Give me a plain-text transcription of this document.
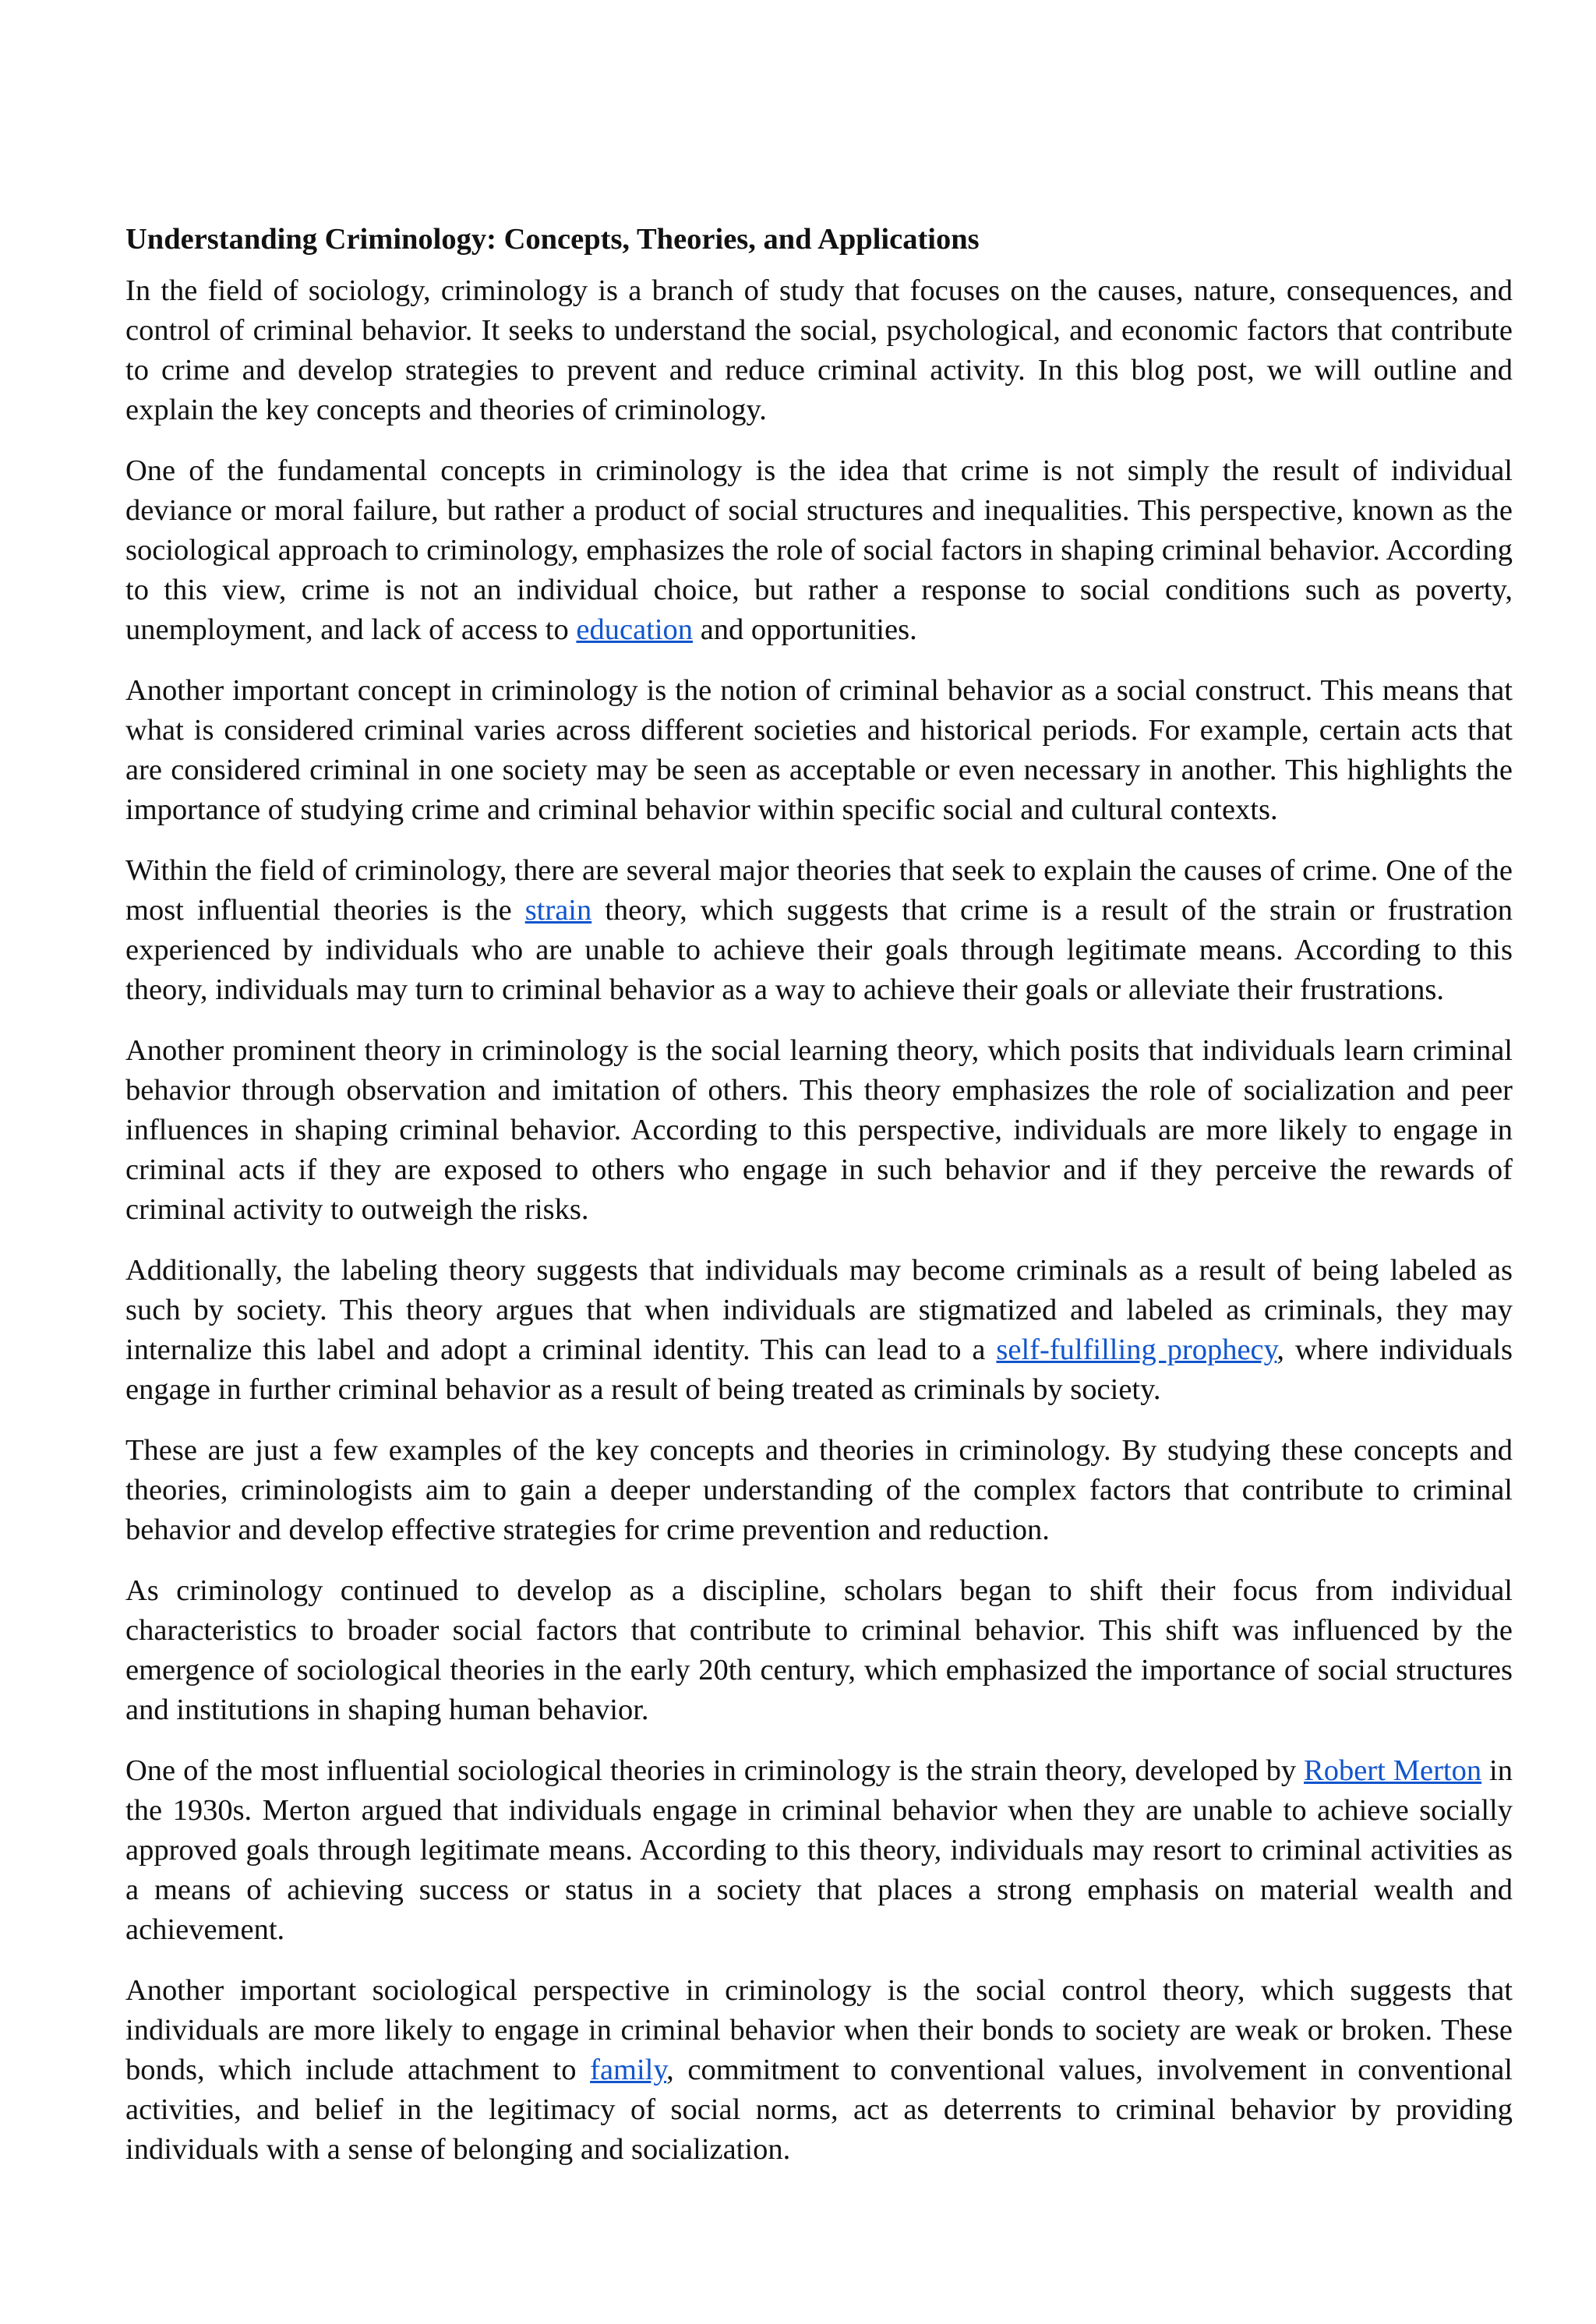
Understanding Criminology: Concepts, Theories, and Applications

In the field of sociology, criminology is a branch of study that focuses on the causes, nature, consequences, and control of criminal behavior. It seeks to understand the social, psychological, and economic factors that contribute to crime and develop strategies to prevent and reduce criminal activity. In this blog post, we will outline and explain the key concepts and theories of criminology.

One of the fundamental concepts in criminology is the idea that crime is not simply the result of individual deviance or moral failure, but rather a product of social structures and inequalities. This perspective, known as the sociological approach to criminology, emphasizes the role of social factors in shaping criminal behavior. According to this view, crime is not an individual choice, but rather a response to social conditions such as poverty, unemployment, and lack of access to education and opportunities.

Another important concept in criminology is the notion of criminal behavior as a social construct. This means that what is considered criminal varies across different societies and historical periods. For example, certain acts that are considered criminal in one society may be seen as acceptable or even necessary in another. This highlights the importance of studying crime and criminal behavior within specific social and cultural contexts.

Within the field of criminology, there are several major theories that seek to explain the causes of crime. One of the most influential theories is the strain theory, which suggests that crime is a result of the strain or frustration experienced by individuals who are unable to achieve their goals through legitimate means. According to this theory, individuals may turn to criminal behavior as a way to achieve their goals or alleviate their frustrations.

Another prominent theory in criminology is the social learning theory, which posits that individuals learn criminal behavior through observation and imitation of others. This theory emphasizes the role of socialization and peer influences in shaping criminal behavior. According to this perspective, individuals are more likely to engage in criminal acts if they are exposed to others who engage in such behavior and if they perceive the rewards of criminal activity to outweigh the risks.

Additionally, the labeling theory suggests that individuals may become criminals as a result of being labeled as such by society. This theory argues that when individuals are stigmatized and labeled as criminals, they may internalize this label and adopt a criminal identity. This can lead to a self-fulfilling prophecy, where individuals engage in further criminal behavior as a result of being treated as criminals by society.

These are just a few examples of the key concepts and theories in criminology. By studying these concepts and theories, criminologists aim to gain a deeper understanding of the complex factors that contribute to criminal behavior and develop effective strategies for crime prevention and reduction.

As criminology continued to develop as a discipline, scholars began to shift their focus from individual characteristics to broader social factors that contribute to criminal behavior. This shift was influenced by the emergence of sociological theories in the early 20th century, which emphasized the importance of social structures and institutions in shaping human behavior.

One of the most influential sociological theories in criminology is the strain theory, developed by Robert Merton in the 1930s. Merton argued that individuals engage in criminal behavior when they are unable to achieve socially approved goals through legitimate means. According to this theory, individuals may resort to criminal activities as a means of achieving success or status in a society that places a strong emphasis on material wealth and achievement.

Another important sociological perspective in criminology is the social control theory, which suggests that individuals are more likely to engage in criminal behavior when their bonds to society are weak or broken. These bonds, which include attachment to family, commitment to conventional values, involvement in conventional activities, and belief in the legitimacy of social norms, act as deterrents to criminal behavior by providing individuals with a sense of belonging and socialization.
